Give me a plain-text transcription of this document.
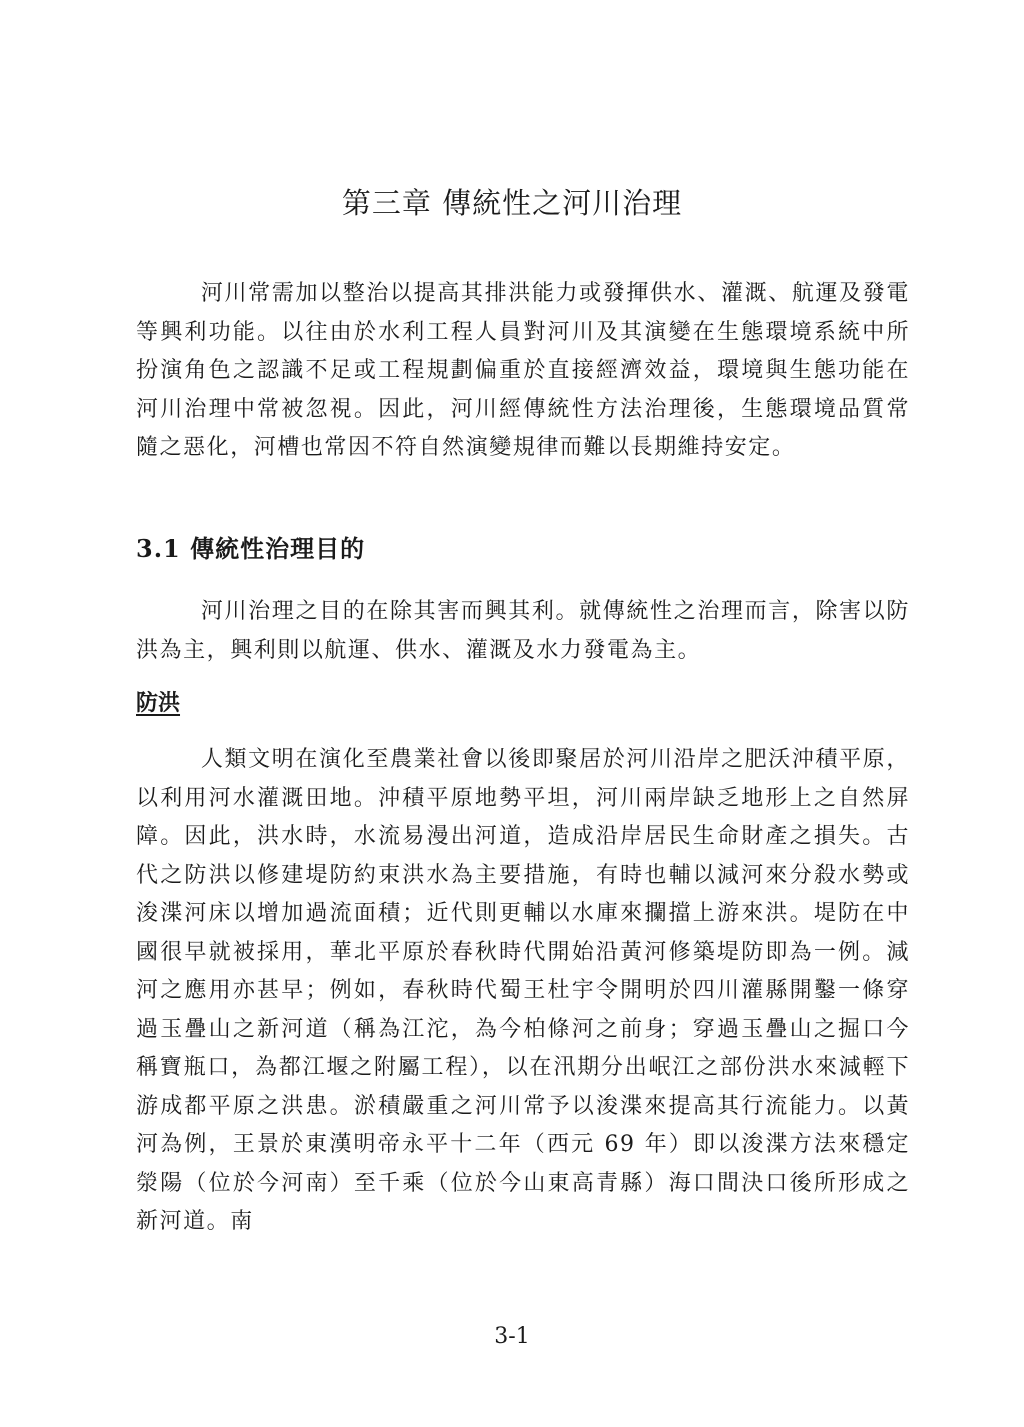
第三章 傳統性之河川治理

河川常需加以整治以提高其排洪能力或發揮供水、灌溉、航運及發電等興利功能。以往由於水利工程人員對河川及其演變在生態環境系統中所扮演角色之認識不足或工程規劃偏重於直接經濟效益，環境與生態功能在河川治理中常被忽視。因此，河川經傳統性方法治理後，生態環境品質常隨之惡化，河槽也常因不符自然演變規律而難以長期維持安定。

3.1 傳統性治理目的

河川治理之目的在除其害而興其利。就傳統性之治理而言，除害以防洪為主，興利則以航運、供水、灌溉及水力發電為主。

防洪

人類文明在演化至農業社會以後即聚居於河川沿岸之肥沃沖積平原，以利用河水灌溉田地。沖積平原地勢平坦，河川兩岸缺乏地形上之自然屏障。因此，洪水時，水流易漫出河道，造成沿岸居民生命財產之損失。古代之防洪以修建堤防約束洪水為主要措施，有時也輔以減河來分殺水勢或浚渫河床以增加過流面積；近代則更輔以水庫來攔擋上游來洪。堤防在中國很早就被採用，華北平原於春秋時代開始沿黃河修築堤防即為一例。減河之應用亦甚早；例如，春秋時代蜀王杜宇令開明於四川灌縣開鑿一條穿過玉疊山之新河道（稱為江沱，為今柏條河之前身；穿過玉疊山之掘口今稱寶瓶口，為都江堰之附屬工程），以在汛期分出岷江之部份洪水來減輕下游成都平原之洪患。淤積嚴重之河川常予以浚渫來提高其行流能力。以黃河為例，王景於東漢明帝永平十二年（西元 69 年）即以浚渫方法來穩定滎陽（位於今河南）至千乘（位於今山東高青縣）海口間決口後所形成之新河道。南

3-1
